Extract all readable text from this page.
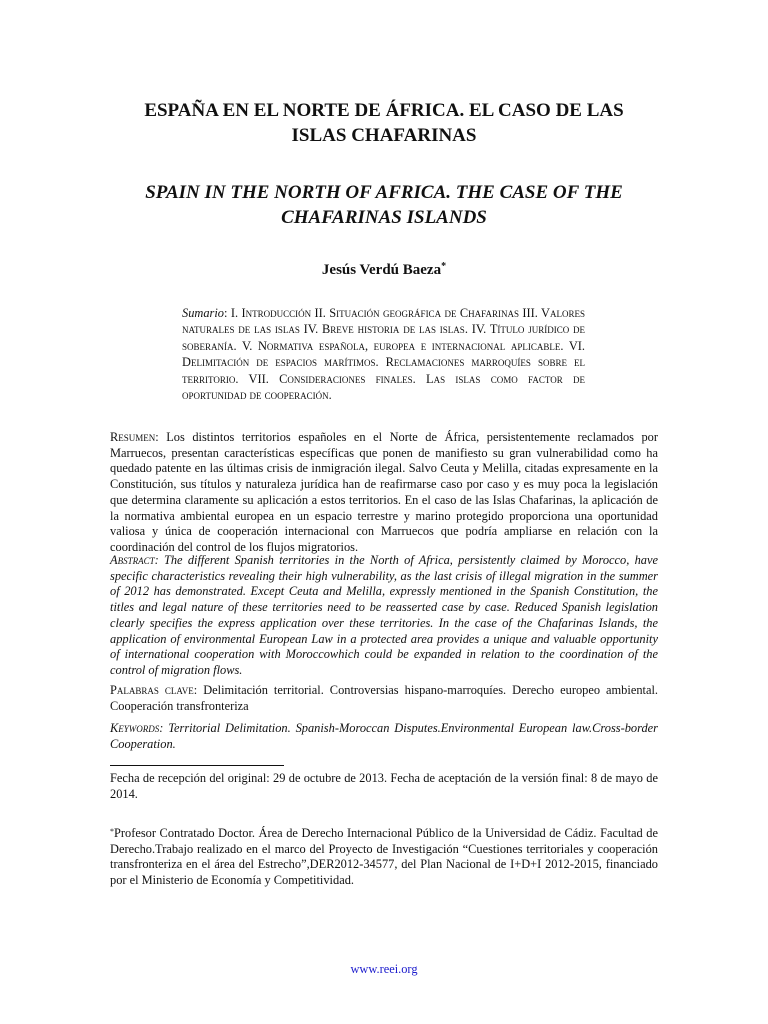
ESPAÑA EN EL NORTE DE ÁFRICA. EL CASO DE LAS
ISLAS CHAFARINAS
SPAIN IN THE NORTH OF AFRICA. THE CASE OF THE
CHAFARINAS ISLANDS
Jesús Verdú Baeza*
Sumario: I. Introducción II. Situación geográfica de Chafarinas III. Valores naturales de las islas IV. Breve historia de las islas. IV. Título jurídico de soberanía. V. Normativa española, europea e internacional aplicable. VI. Delimitación de espacios marítimos. Reclamaciones marroquíes sobre el territorio. VII. Consideraciones finales. Las islas como factor de oportunidad de cooperación.
Resumen: Los distintos territorios españoles en el Norte de África, persistentemente reclamados por Marruecos, presentan características específicas que ponen de manifiesto su gran vulnerabilidad como ha quedado patente en las últimas crisis de inmigración ilegal. Salvo Ceuta y Melilla, citadas expresamente en la Constitución, sus títulos y naturaleza jurídica han de reafirmarse caso por caso y es muy poca la legislación que determina claramente su aplicación a estos territorios. En el caso de las Islas Chafarinas, la aplicación de la normativa ambiental europea en un espacio terrestre y marino protegido proporciona una oportunidad valiosa y única de cooperación internacional con Marruecos que podría ampliarse en relación con la coordinación del control de los flujos migratorios.
Abstract: The different Spanish territories in the North of Africa, persistently claimed by Morocco, have specific characteristics revealing their high vulnerability, as the last crisis of illegal migration in the summer of 2012 has demonstrated. Except Ceuta and Melilla, expressly mentioned in the Spanish Constitution, the titles and legal nature of these territories need to be reasserted case by case. Reduced Spanish legislation clearly specifies the express application over these territories. In the case of the Chafarinas Islands, the application of environmental European Law in a protected area provides a unique and valuable opportunity of international cooperation with Moroccowhich could be expanded in relation to the coordination of the control of migration flows.
Palabras clave: Delimitación territorial. Controversias hispano-marroquíes. Derecho europeo ambiental. Cooperación transfronteriza
Keywords: Territorial Delimitation. Spanish-Moroccan Disputes.Environmental European law.Cross-border Cooperation.
Fecha de recepción del original: 29 de octubre de 2013. Fecha de aceptación de la versión final: 8 de mayo de 2014.
*Profesor Contratado Doctor. Área de Derecho Internacional Público de la Universidad de Cádiz. Facultad de Derecho.Trabajo realizado en el marco del Proyecto de Investigación “Cuestiones territoriales y cooperación transfronteriza en el área del Estrecho”,DER2012-34577, del Plan Nacional de I+D+I 2012-2015, financiado por el Ministerio de Economía y Competitividad.
www.reei.org
